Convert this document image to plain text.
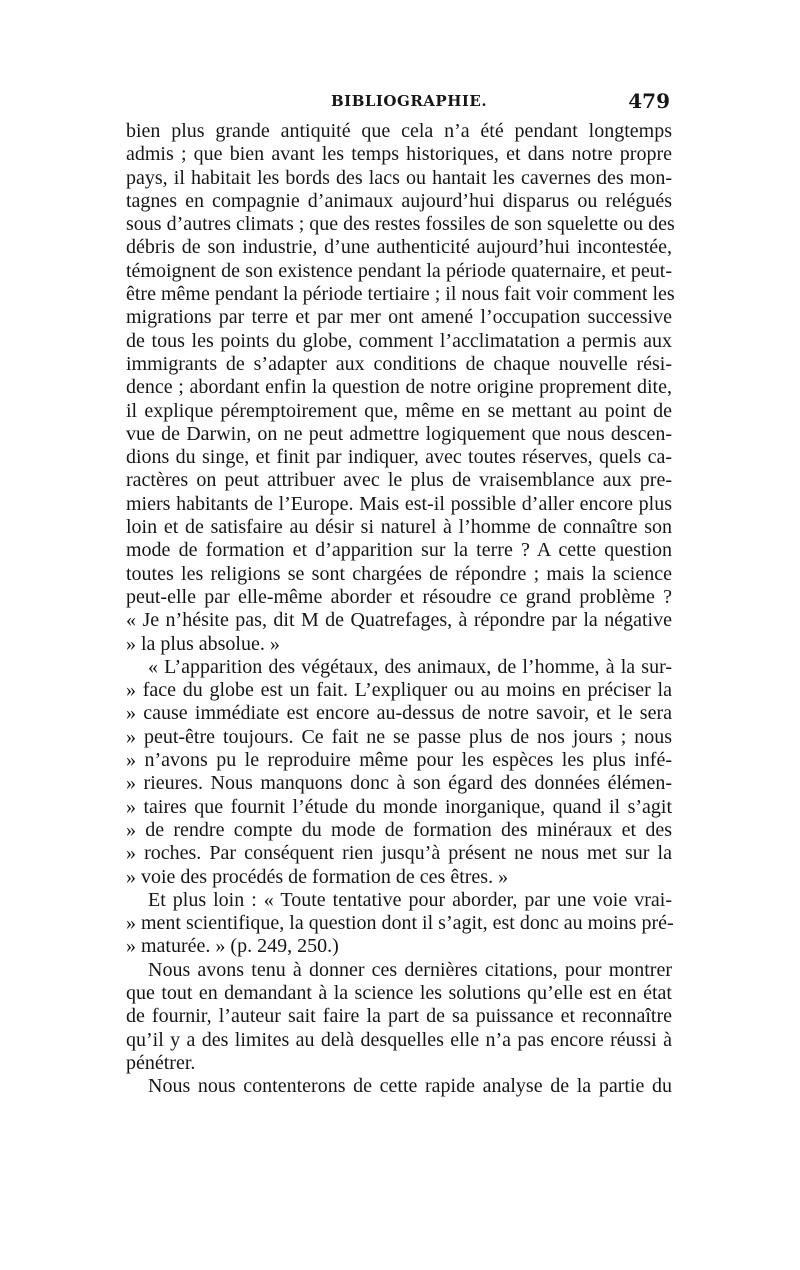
BIBLIOGRAPHIE.	479
bien plus grande antiquité que cela n’a été pendant longtemps
admis ; que bien avant les temps historiques, et dans notre propre
pays, il habitait les bords des lacs ou hantait les cavernes des mon-
tagnes en compagnie d’animaux aujourd’hui disparus ou relégués
sous d’autres climats ; que des restes fossiles de son squelette ou des
débris de son industrie, d’une authenticité aujourd’hui incontestée,
témoignent de son existence pendant la période quaternaire, et peut-
être même pendant la période tertiaire ; il nous fait voir comment les
migrations par terre et par mer ont amené l’occupation successive
de tous les points du globe, comment l’acclimatation a permis aux
immigrants de s’adapter aux conditions de chaque nouvelle rési-
dence ; abordant enfin la question de notre origine proprement dite,
il explique péremptoirement que, même en se mettant au point de
vue de Darwin, on ne peut admettre logiquement que nous descen-
dions du singe, et finit par indiquer, avec toutes réserves, quels ca-
ractères on peut attribuer avec le plus de vraisemblance aux pre-
miers habitants de l’Europe. Mais est-il possible d’aller encore plus
loin et de satisfaire au désir si naturel à l’homme de connaître son
mode de formation et d’apparition sur la terre ? A cette question
toutes les religions se sont chargées de répondre ; mais la science
peut-elle par elle-même aborder et résoudre ce grand problème ?
« Je n’hésite pas, dit M de Quatrefages, à répondre par la négative
» la plus absolue. »
« L’apparition des végétaux, des animaux, de l’homme, à la sur-
» face du globe est un fait. L’expliquer ou au moins en préciser la
» cause immédiate est encore au-dessus de notre savoir, et le sera
» peut-être toujours. Ce fait ne se passe plus de nos jours ; nous
» n’avons pu le reproduire même pour les espèces les plus infé-
» rieures. Nous manquons donc à son égard des données élémen-
» taires que fournit l’étude du monde inorganique, quand il s’agit
» de rendre compte du mode de formation des minéraux et des
» roches. Par conséquent rien jusqu’à présent ne nous met sur la
» voie des procédés de formation de ces êtres. »
Et plus loin : « Toute tentative pour aborder, par une voie vrai-
» ment scientifique, la question dont il s’agit, est donc au moins pré-
» maturée. » (p. 249, 250.)
Nous avons tenu à donner ces dernières citations, pour montrer
que tout en demandant à la science les solutions qu’elle est en état
de fournir, l’auteur sait faire la part de sa puissance et reconnaître
qu’il y a des limites au delà desquelles elle n’a pas encore réussi à
pénétrer.
Nous nous contenterons de cette rapide analyse de la partie du
